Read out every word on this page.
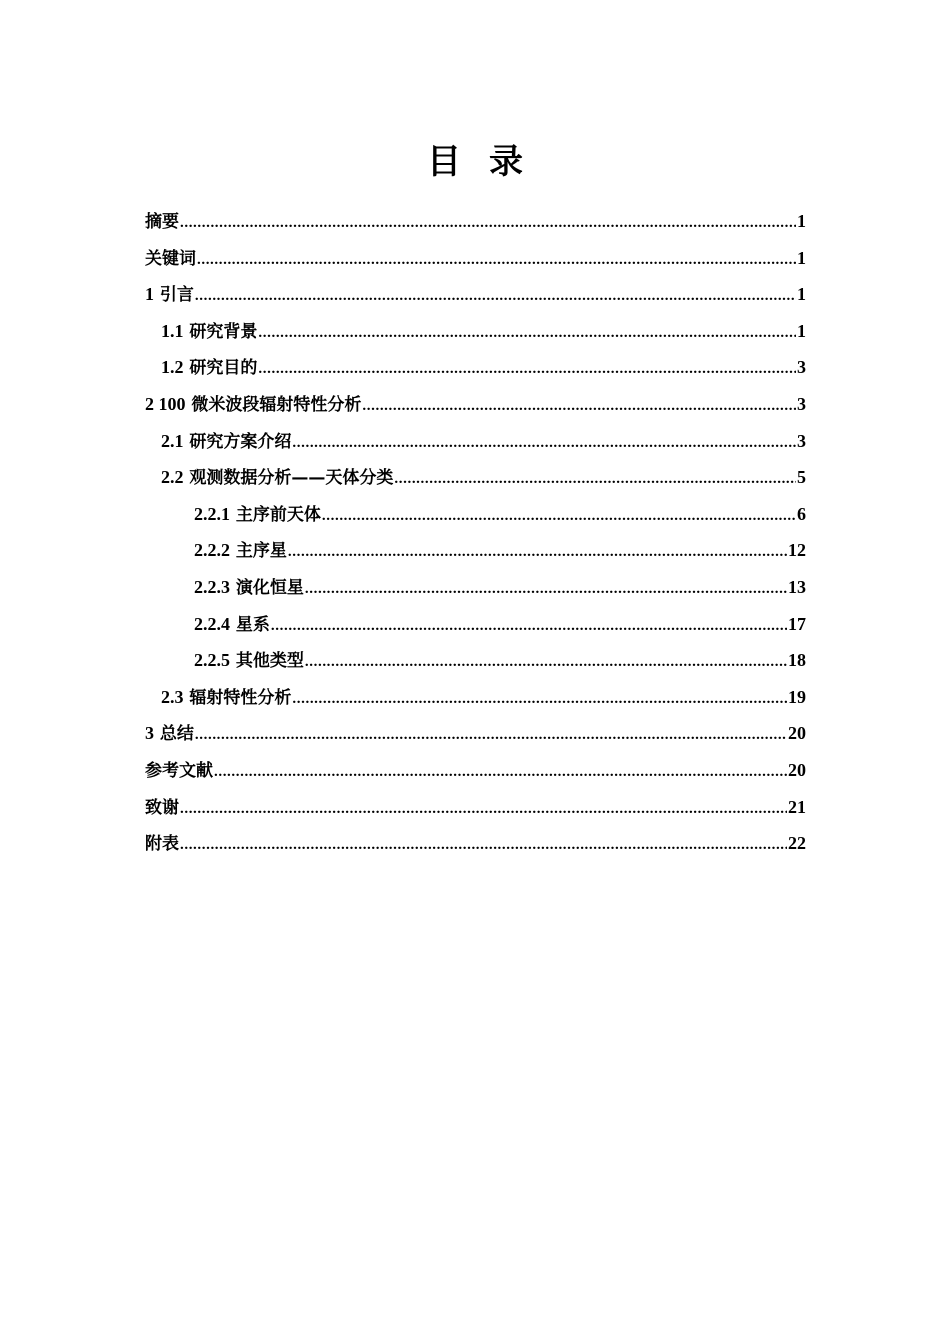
目 录
摘要 .....	1
关键词 .....	1
1 引言 .....	1
1.1 研究背景 .....	1
1.2 研究目的 .....	3
2 100 微米波段辐射特性分析 .....	3
2.1 研究方案介绍 .....	3
2.2 观测数据分析——天体分类 .....	5
2.2.1 主序前天体 .....	6
2.2.2 主序星 .....	12
2.2.3 演化恒星 .....	13
2.2.4 星系 .....	17
2.2.5 其他类型 .....	18
2.3 辐射特性分析 .....	19
3 总结 .....	20
参考文献 .....	20
致谢 .....	21
附表 .....	22
